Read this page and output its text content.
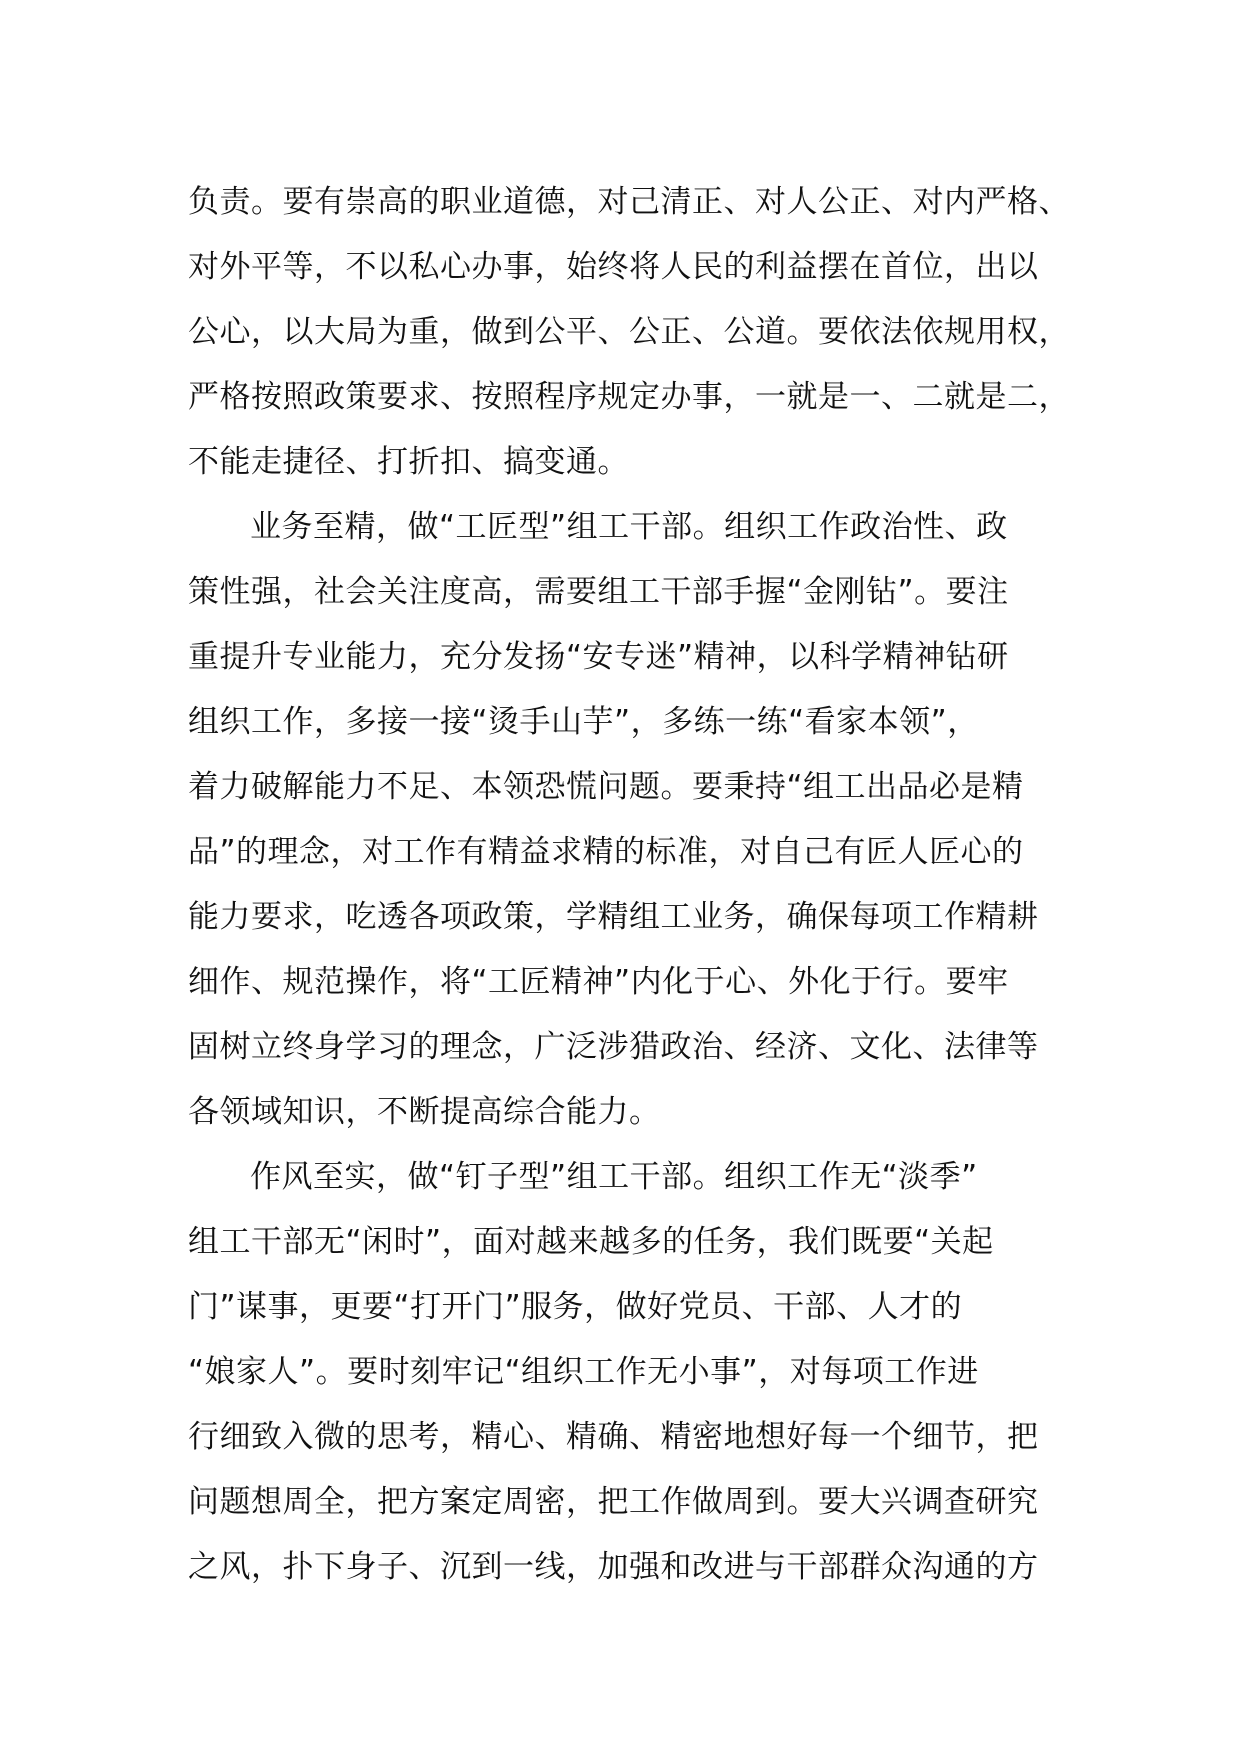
负责。要有崇高的职业道德，对己清正、对人公正、对内严格、
对外平等，不以私心办事，始终将人民的利益摆在首位，出以
公心，以大局为重，做到公平、公正、公道。要依法依规用权，
严格按照政策要求、按照程序规定办事，一就是一、二就是二，
不能走捷径、打折扣、搞变通。
业务至精，做“工匠型”组工干部。组织工作政治性、政
策性强，社会关注度高，需要组工干部手握“金刚钻”。要注
重提升专业能力，充分发扬“安专迷”精神，以科学精神钻研
组织工作，多接一接“烫手山芋”，多练一练“看家本领”，
着力破解能力不足、本领恐慌问题。要秉持“组工出品必是精
品”的理念，对工作有精益求精的标准，对自己有匠人匠心的
能力要求，吃透各项政策，学精组工业务，确保每项工作精耕
细作、规范操作，将“工匠精神”内化于心、外化于行。要牢
固树立终身学习的理念，广泛涉猎政治、经济、文化、法律等
各领域知识，不断提高综合能力。
作风至实，做“钉子型”组工干部。组织工作无“淡季”
组工干部无“闲时”，面对越来越多的任务，我们既要“关起
门”谋事，更要“打开门”服务，做好党员、干部、人才的
“娘家人”。要时刻牢记“组织工作无小事”，对每项工作进
行细致入微的思考，精心、精确、精密地想好每一个细节，把
问题想周全，把方案定周密，把工作做周到。要大兴调查研究
之风，扑下身子、沉到一线，加强和改进与干部群众沟通的方
